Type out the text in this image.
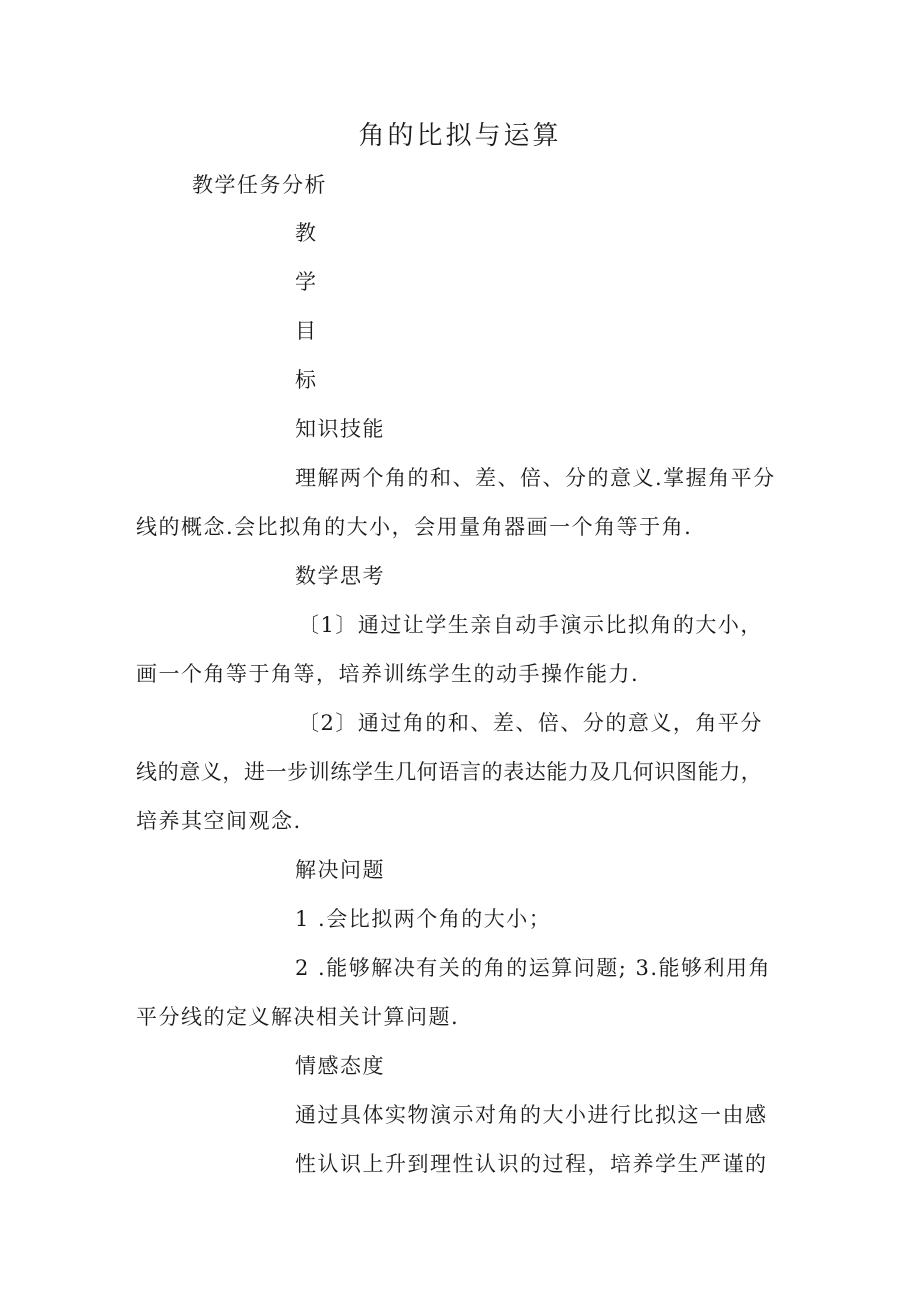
角的比拟与运算
教学任务分析
教
学
目
标
知识技能
理解两个角的和、差、倍、分的意义.掌握角平分
线的概念.会比拟角的大小，会用量角器画一个角等于角.
数学思考
〔1〕通过让学生亲自动手演示比拟角的大小，
画一个角等于角等，培养训练学生的动手操作能力.
〔2〕通过角的和、差、倍、分的意义，角平分
线的意义，进一步训练学生几何语言的表达能力及几何识图能力，
培养其空间观念.
解决问题
1 .会比拟两个角的大小；
2 .能够解决有关的角的运算问题; 3.能够利用角
平分线的定义解决相关计算问题.
情感态度
通过具体实物演示对角的大小进行比拟这一由感
性认识上升到理性认识的过程，培养学生严谨的
